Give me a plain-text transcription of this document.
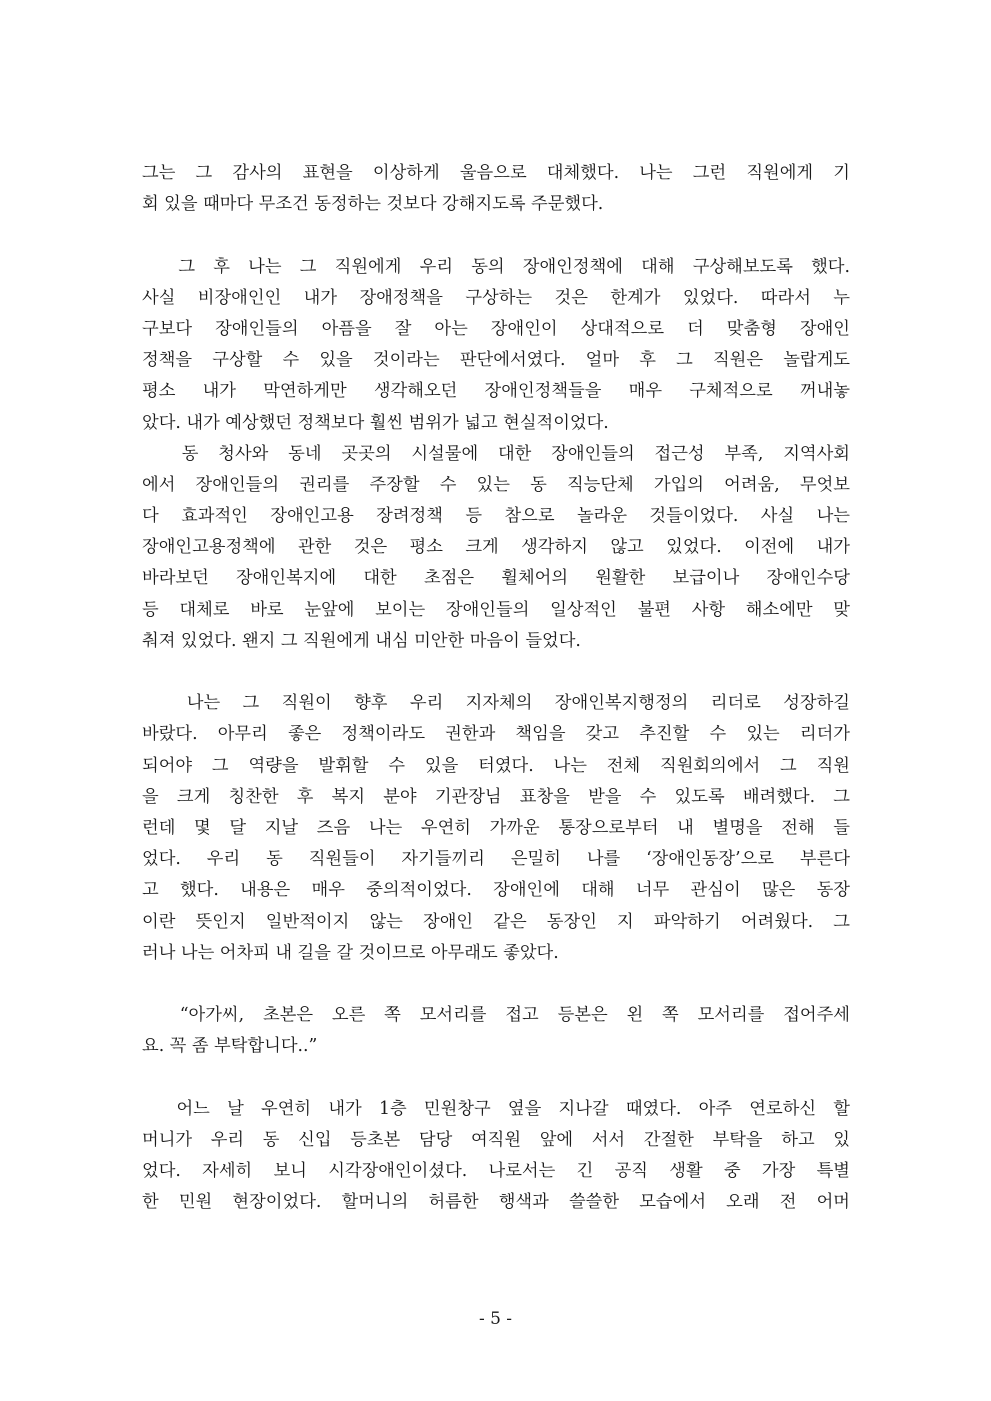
그는 그 감사의 표현을 이상하게 울음으로 대체했다. 나는 그런 직원에게 기
회 있을 때마다 무조건 동정하는 것보다 강해지도록 주문했다.
그 후 나는 그 직원에게 우리 동의 장애인정책에 대해 구상해보도록 했다.
사실 비장애인인 내가 장애정책을 구상하는 것은 한계가 있었다. 따라서 누
구보다 장애인들의 아픔을 잘 아는 장애인이 상대적으로 더 맞춤형 장애인
정책을 구상할 수 있을 것이라는 판단에서였다. 얼마 후 그 직원은 놀랍게도
평소 내가 막연하게만 생각해오던 장애인정책들을 매우 구체적으로 꺼내놓
았다. 내가 예상했던 정책보다 훨씬 범위가 넓고 현실적이었다.
동 청사와 동네 곳곳의 시설물에 대한 장애인들의 접근성 부족, 지역사회
에서 장애인들의 권리를 주장할 수 있는 동 직능단체 가입의 어려움, 무엇보
다 효과적인 장애인고용 장려정책 등 참으로 놀라운 것들이었다. 사실 나는
장애인고용정책에 관한 것은 평소 크게 생각하지 않고 있었다. 이전에 내가
바라보던 장애인복지에 대한 초점은 휠체어의 원활한 보급이나 장애인수당
등 대체로 바로 눈앞에 보이는 장애인들의 일상적인 불편 사항 해소에만 맞
춰져 있었다. 왠지 그 직원에게 내심 미안한 마음이 들었다.
나는 그 직원이 향후 우리 지자체의 장애인복지행정의 리더로 성장하길
바랐다. 아무리 좋은 정책이라도 권한과 책임을 갖고 추진할 수 있는 리더가
되어야 그 역량을 발휘할 수 있을 터였다. 나는 전체 직원회의에서 그 직원
을 크게 칭찬한 후 복지 분야 기관장님 표창을 받을 수 있도록 배려했다. 그
런데 몇 달 지날 즈음 나는 우연히 가까운 통장으로부터 내 별명을 전해 들
었다. 우리 동 직원들이 자기들끼리 은밀히 나를 ‘장애인동장’으로 부른다
고 했다. 내용은 매우 중의적이었다. 장애인에 대해 너무 관심이 많은 동장
이란 뜻인지 일반적이지 않는 장애인 같은 동장인 지 파악하기 어려웠다. 그
러나 나는 어차피 내 길을 갈 것이므로 아무래도 좋았다.
“아가씨, 초본은 오른 쪽 모서리를 접고 등본은 왼 쪽 모서리를 접어주세
요. 꼭 좀 부탁합니다..”
어느 날 우연히 내가 1층 민원창구 옆을 지나갈 때였다. 아주 연로하신 할
머니가 우리 동 신입 등초본 담당 여직원 앞에 서서 간절한 부탁을 하고 있
었다. 자세히 보니 시각장애인이셨다. 나로서는 긴 공직 생활 중 가장 특별
한 민원 현장이었다. 할머니의 허름한 행색과 쓸쓸한 모습에서 오래 전 어머
- 5 -
